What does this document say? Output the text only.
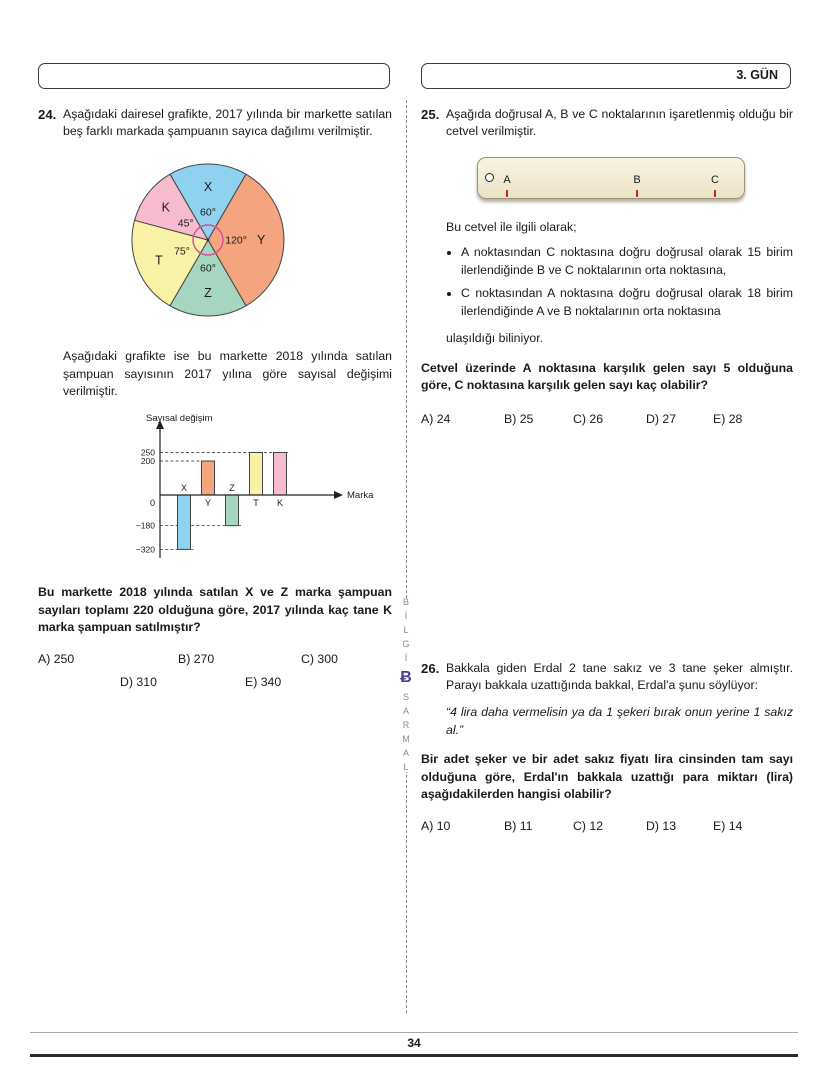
3. GÜN
B
İ
L
G
İ
Ƀ
S
A
R
M
A
L
24. Aşağıdaki dairesel grafikte, 2017 yılında bir markette satılan beş farklı markada şampuanın sayıca dağılımı verilmiştir.

X
60°
Y
120°
Z
60°
T
75°
K
45°

Aşağıdaki grafikte ise bu markette 2018 yılında satılan şampuan sayısının 2017 yılına göre sayısal değişimi verilmiştir.

250
200
0
−180
−320
X
Y
Z
T K
Sayısal değişim
Marka

Bu markette 2018 yılında satılan X ve Z marka şampuan sayıları toplamı 220 olduğuna göre, 2017 yılında kaç tane K marka şampuan satılmıştır?

A) 250	B) 270	C) 300
D) 310	E) 340
25. Aşağıda doğrusal A, B ve C noktalarının işaretlenmiş olduğu bir cetvel verilmiştir.

A	B	C

Bu cetvel ile ilgili olarak;

• A noktasından C noktasına doğru doğrusal olarak 15 birim ilerlendiğinde B ve C noktalarının orta noktasına,
• C noktasından A noktasına doğru doğrusal olarak 18 birim ilerlendiğinde A ve B noktalarının orta noktasına

ulaşıldığı biliniyor.

Cetvel üzerinde A noktasına karşılık gelen sayı 5 olduğuna göre, C noktasına karşılık gelen sayı kaç olabilir?

A) 24	B) 25	C) 26	D) 27	E) 28
26. Bakkala giden Erdal 2 tane sakız ve 3 tane şeker almıştır. Parayı bakkala uzattığında bakkal, Erdal'a şunu söylüyor:

“4 lira daha vermelisin ya da 1 şekeri bırak onun yerine 1 sakız al.”

Bir adet şeker ve bir adet sakız fiyatı lira cinsinden tam sayı olduğuna göre, Erdal'ın bakkala uzattığı para miktarı (lira) aşağıdakilerden hangisi olabilir?

A) 10	B) 11	C) 12	D) 13	E) 14
34
